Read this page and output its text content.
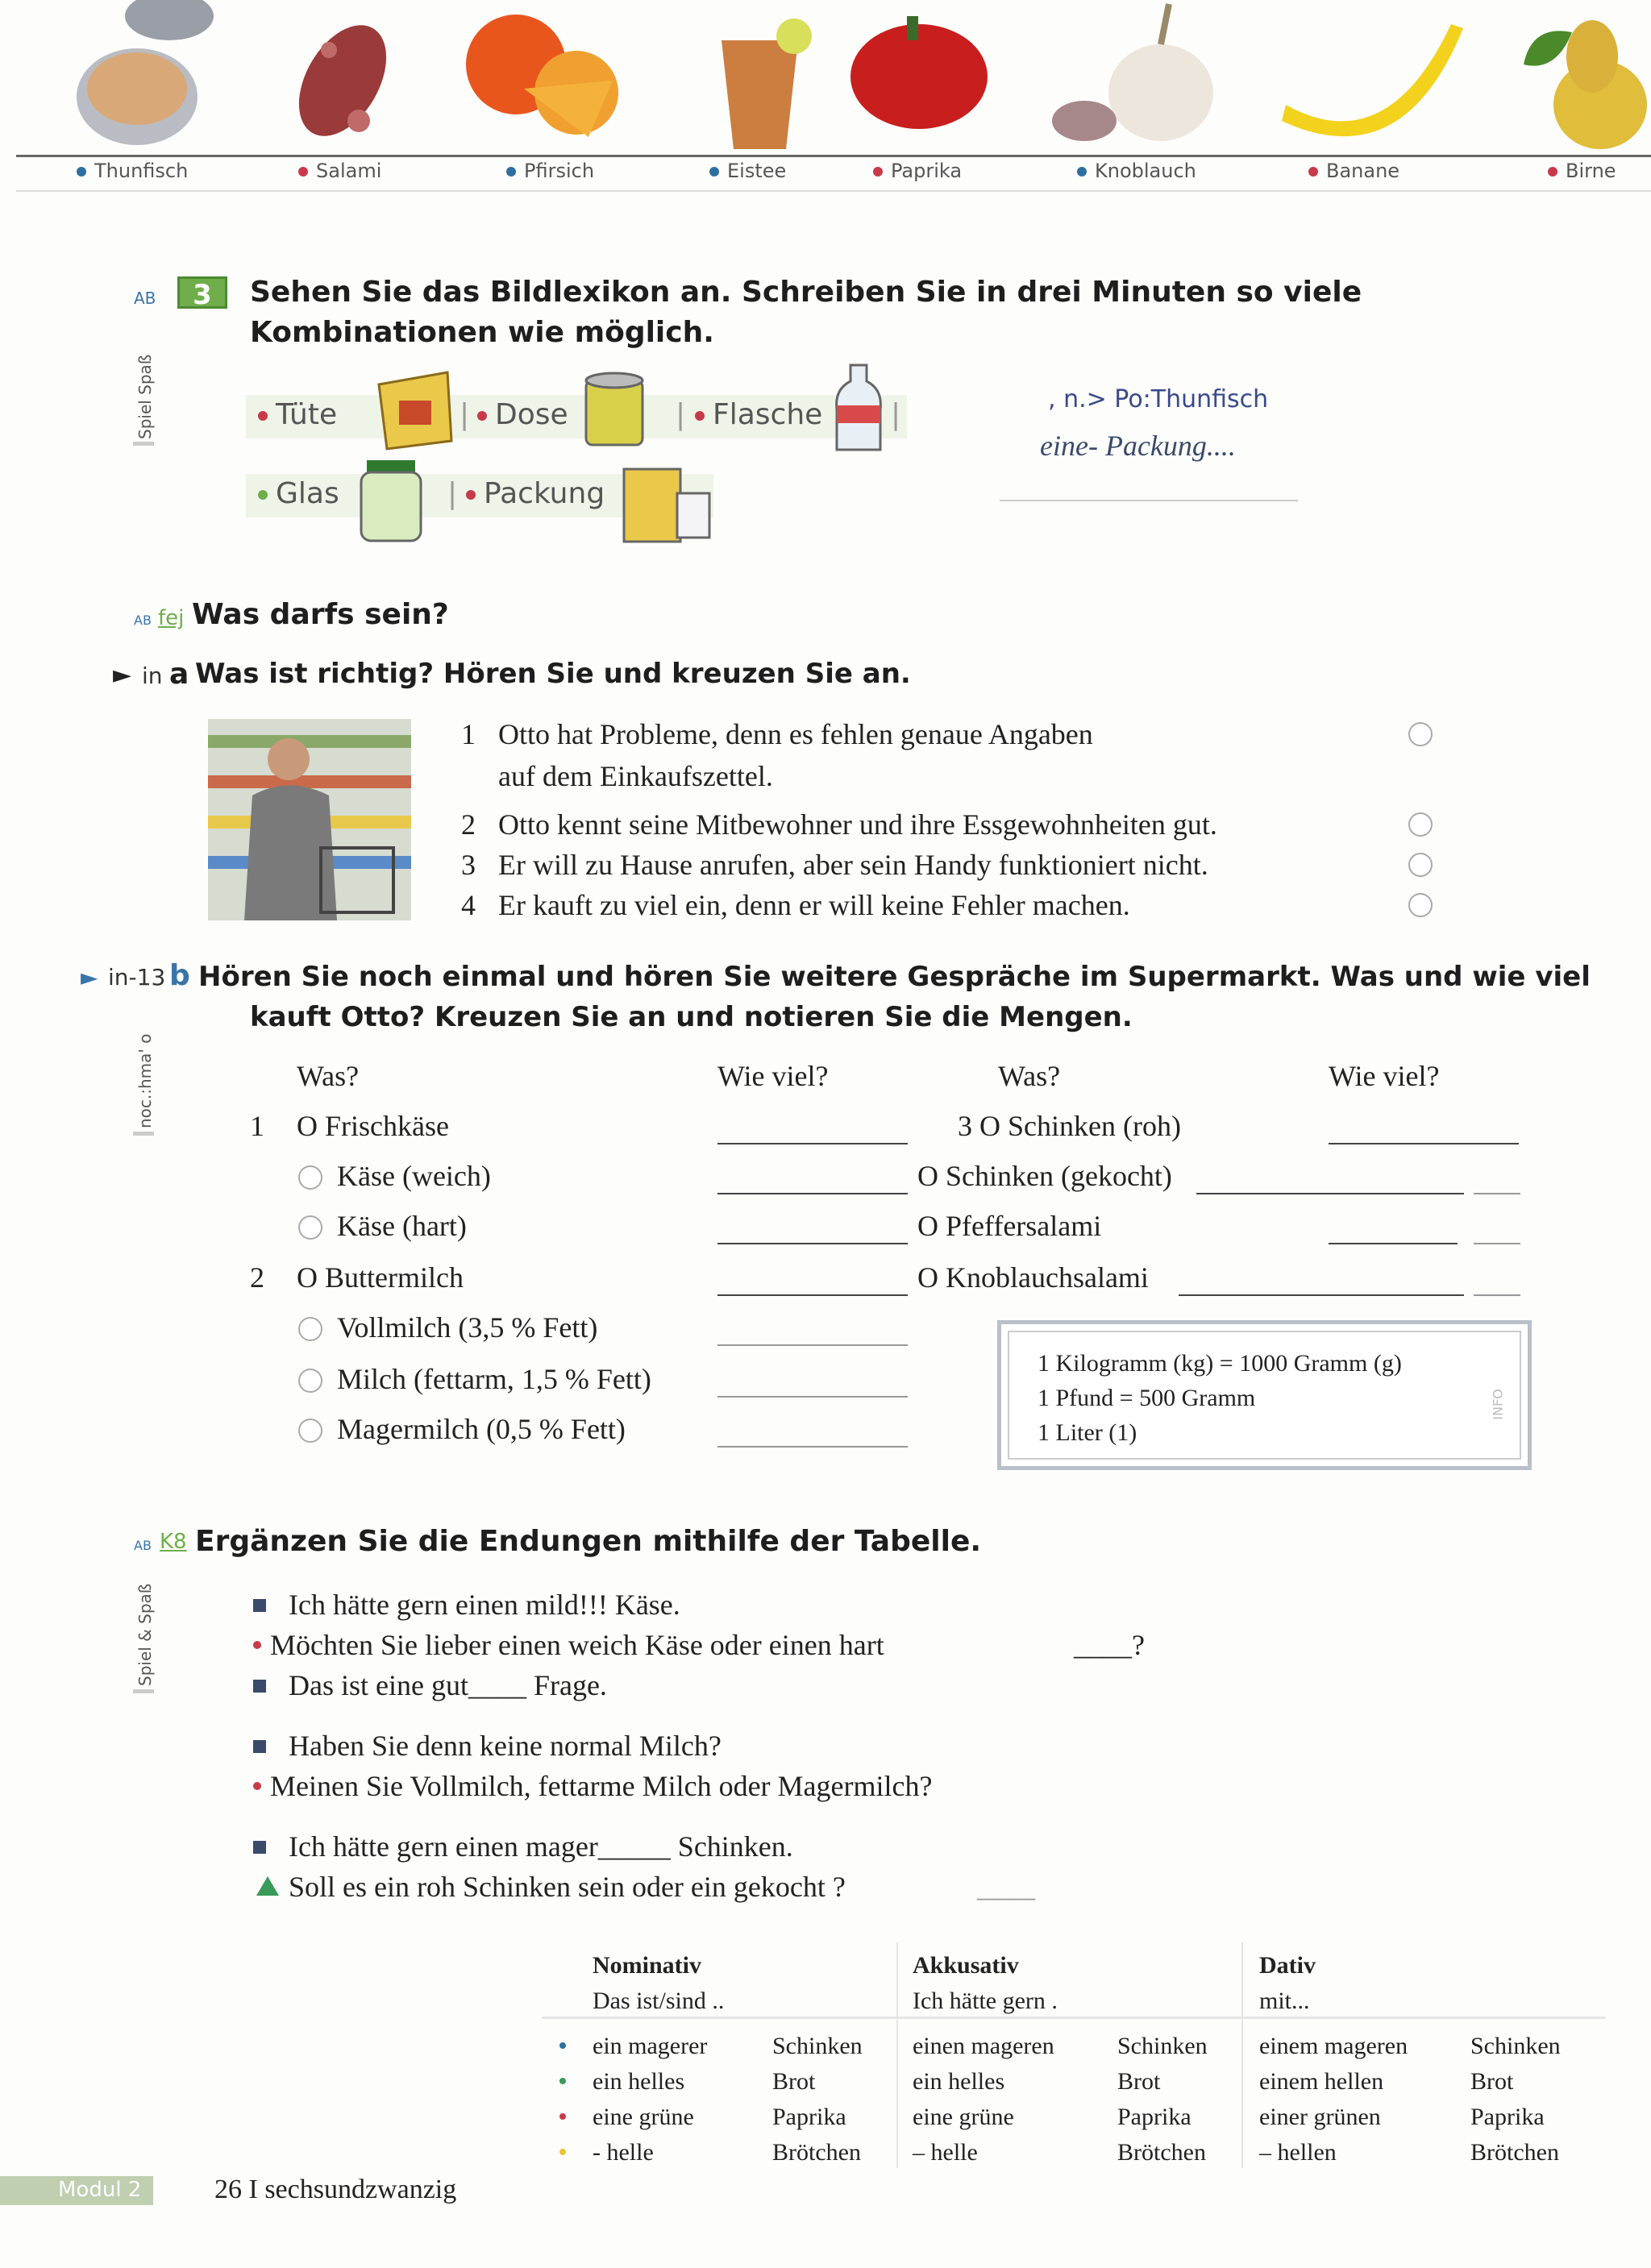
Thunfisch	Salami	Pfirsich	Eistee	Paprika	Knoblauch	Banane	Birne
AB	3
Spiel Spaß
Sehen Sie das Bildlexikon an. Schreiben Sie in drei Minuten so viele
Kombinationen wie möglich.
Tüte	| Dose	| Flasche |
Glas	| Packung
, n.> Po:Thunfisch
eine- Packung....
AB fej Was darfs sein?
► in a Was ist richtig? Hören Sie und kreuzen Sie an.
1 Otto hat Probleme, denn es fehlen genaue Angaben
auf dem Einkaufszettel.
2 Otto kennt seine Mitbewohner und ihre Essgewohnheiten gut.
3 Er will zu Hause anrufen, aber sein Handy funktioniert nicht.
4 Er kauft zu viel ein, denn er will keine Fehler machen.
► in-13 b Hören Sie noch einmal und hören Sie weitere Gespräche im Supermarkt. Was und wie viel
kauft Otto? Kreuzen Sie an und notieren Sie die Mengen.
noc.:hma' o	Was?	Wie viel?	Was?	Wie viel?
1 O Frischkäse
Käse (weich)
Käse (hart)
2 O Buttermilch
Vollmilch (3,5 % Fett)
Milch (fettarm, 1,5 % Fett)
Magermilch (0,5 % Fett)
3 O Schinken (roh)
O Schinken (gekocht)
O Pfeffersalami
O Knoblauchsalami
1 Kilogramm (kg) = 1000 Gramm (g)
1 Pfund = 500 Gramm
1 Liter (1)
INFO
AB K8 Ergänzen Sie die Endungen mithilfe der Tabelle.
Spiel & Spaß	Ich hätte gern einen mild!!! Käse.
Möchten Sie lieber einen weich Käse oder einen hart	____?
Das ist eine gut____ Frage.
Haben Sie denn keine normal Milch?
Meinen Sie Vollmilch, fettarme Milch oder Magermilch?
Ich hätte gern einen mager_____ Schinken.
Soll es ein roh Schinken sein oder ein gekocht ?	____
Nominativ
Das ist/sind ..
Akkusativ
Ich hätte gern .
Dativ
mit...
ein magerer	Schinken einen mageren	Schinken einem mageren	Schinken
ein helles	Brot	ein helles	Brot	einem hellen	Brot
eine grüne	Paprika	eine grüne	Paprika	einer grünen	Paprika
- helle	Brötchen – helle	Brötchen – hellen	Brötchen
Modul 2	26 I sechsundzwanzig
